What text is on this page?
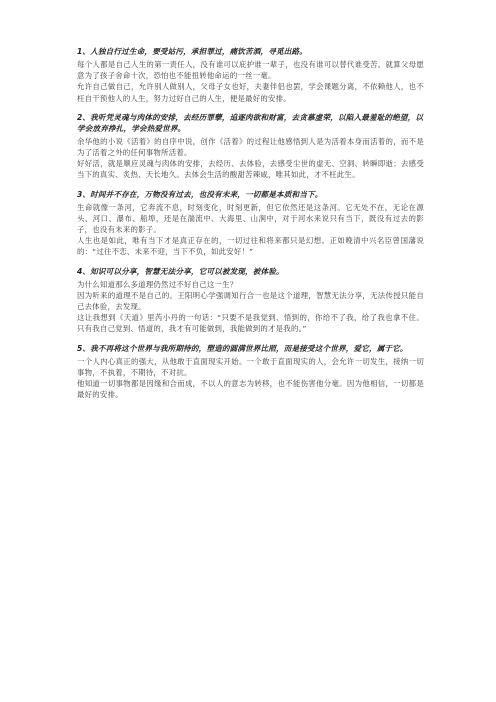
1、人独自行过生命，要受站污，承担罪过，痛饮苦酒，寻觅出路。

每个人都是自己人生的第一责任人，没有谁可以庇护谁一辈子，也没有谁可以替代谁受苦。就算父母愿意为了孩子舍命十次，恐怕也不能扭转他命运的一丝一毫。

允许自己做自己，允许别人做别人，父母子女也好，夫妻伴侣也罢，学会课题分离，不依赖他人，也不枉自干预他人的人生，努力过好自己的人生，便是最好的安排。

2、我听凭灵魂与肉体的安排，去经历罪孽，追逐肉欲和财富，去贪慕虚荣，以陷入最羞耻的绝望，以学会放弃挣扎，学会热爱世界。

余华他的小说《活着》的自序中说，创作《活着》的过程让他感悟到人是为活着本身而活着的，而不是为了活着之外的任何事物所活着。

好好活，就是顺应灵魂与肉体的安排，去经历、去体验，去感受尘世的虚无、空洞、转瞬即逝；去感受当下的真实、炙热、天长地久。去体会生活的酸甜苦辣咸，唯其如此，才不枉此生。

3、时间并不存在，万物没有过去，也没有未来，一切都是本质和当下。

生命就像一条河，它奔流不息，时刻变化，时刻更新，但它依然还是这条河。它无处不在，无论在源头、河口、瀑布、船埠，还是在湍流中、大海里、山涧中，对于河水来说只有当下，既没有过去的影子，也没有未来的影子。

人生也是如此，唯有当下才是真正存在的，一切过往和将来都只是幻想。正如晚清中兴名臣曾国藩说的：“过往不恋、未来不迎，当下不负，如此安好！”

4、知识可以分享，智慧无法分享，它可以被发现，被体验。

为什么知道那么多道理仍然过不好自己这一生？

因为听来的道理不是自己的。王阳明心学强调知行合一也是这个道理，智慧无法分享，无法传授只能自己去体验，去发现。

这让我想到《天道》里芮小丹的一句话：“只要不是我觉到、悟到的，你给不了我，给了我也拿不住。只有我自己觉到、悟道的，我才有可能做到，我能做到的才是我的。”

5、我不再将这个世界与我所期待的，塑造的圆满世界比照，而是接受这个世界，爱它，属于它。

一个人内心真正的强大，从他敢于直面现实开始。一个敢于直面现实的人，会允许一切发生，接纳一切事物，不执着，不期待，不对抗。

他知道一切事物都是因缘和合而成，不以人的意志为转移，也不能伤害他分毫。因为他相信，一切都是最好的安排。
